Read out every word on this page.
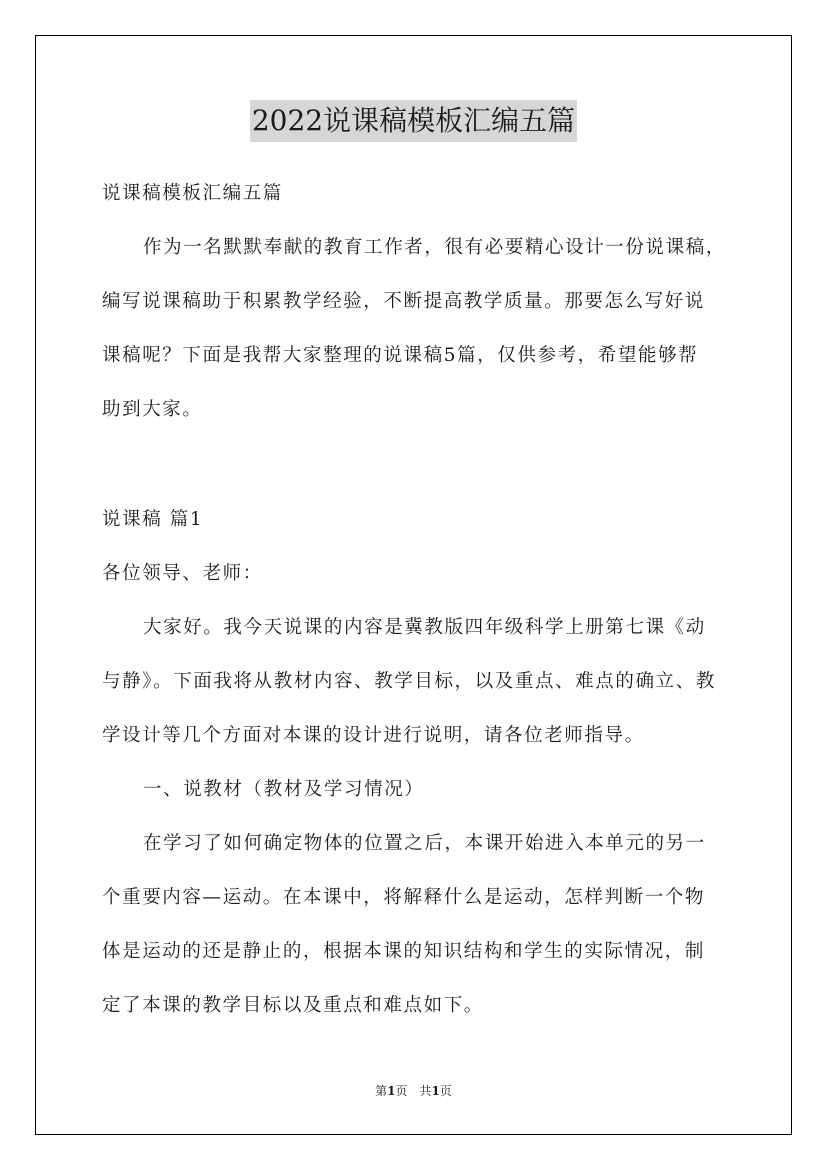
2022说课稿模板汇编五篇
说课稿模板汇编五篇
作为一名默默奉献的教育工作者，很有必要精心设计一份说课稿，
编写说课稿助于积累教学经验，不断提高教学质量。那要怎么写好说
课稿呢？下面是我帮大家整理的说课稿5篇，仅供参考，希望能够帮
助到大家。
说课稿 篇1
各位领导、老师：
大家好。我今天说课的内容是冀教版四年级科学上册第七课《动
与静》。下面我将从教材内容、教学目标，以及重点、难点的确立、教
学设计等几个方面对本课的设计进行说明，请各位老师指导。
一、说教材（教材及学习情况）
在学习了如何确定物体的位置之后，本课开始进入本单元的另一
个重要内容—运动。在本课中，将解释什么是运动，怎样判断一个物
体是运动的还是静止的，根据本课的知识结构和学生的实际情况，制
定了本课的教学目标以及重点和难点如下。
第1页　共1页
